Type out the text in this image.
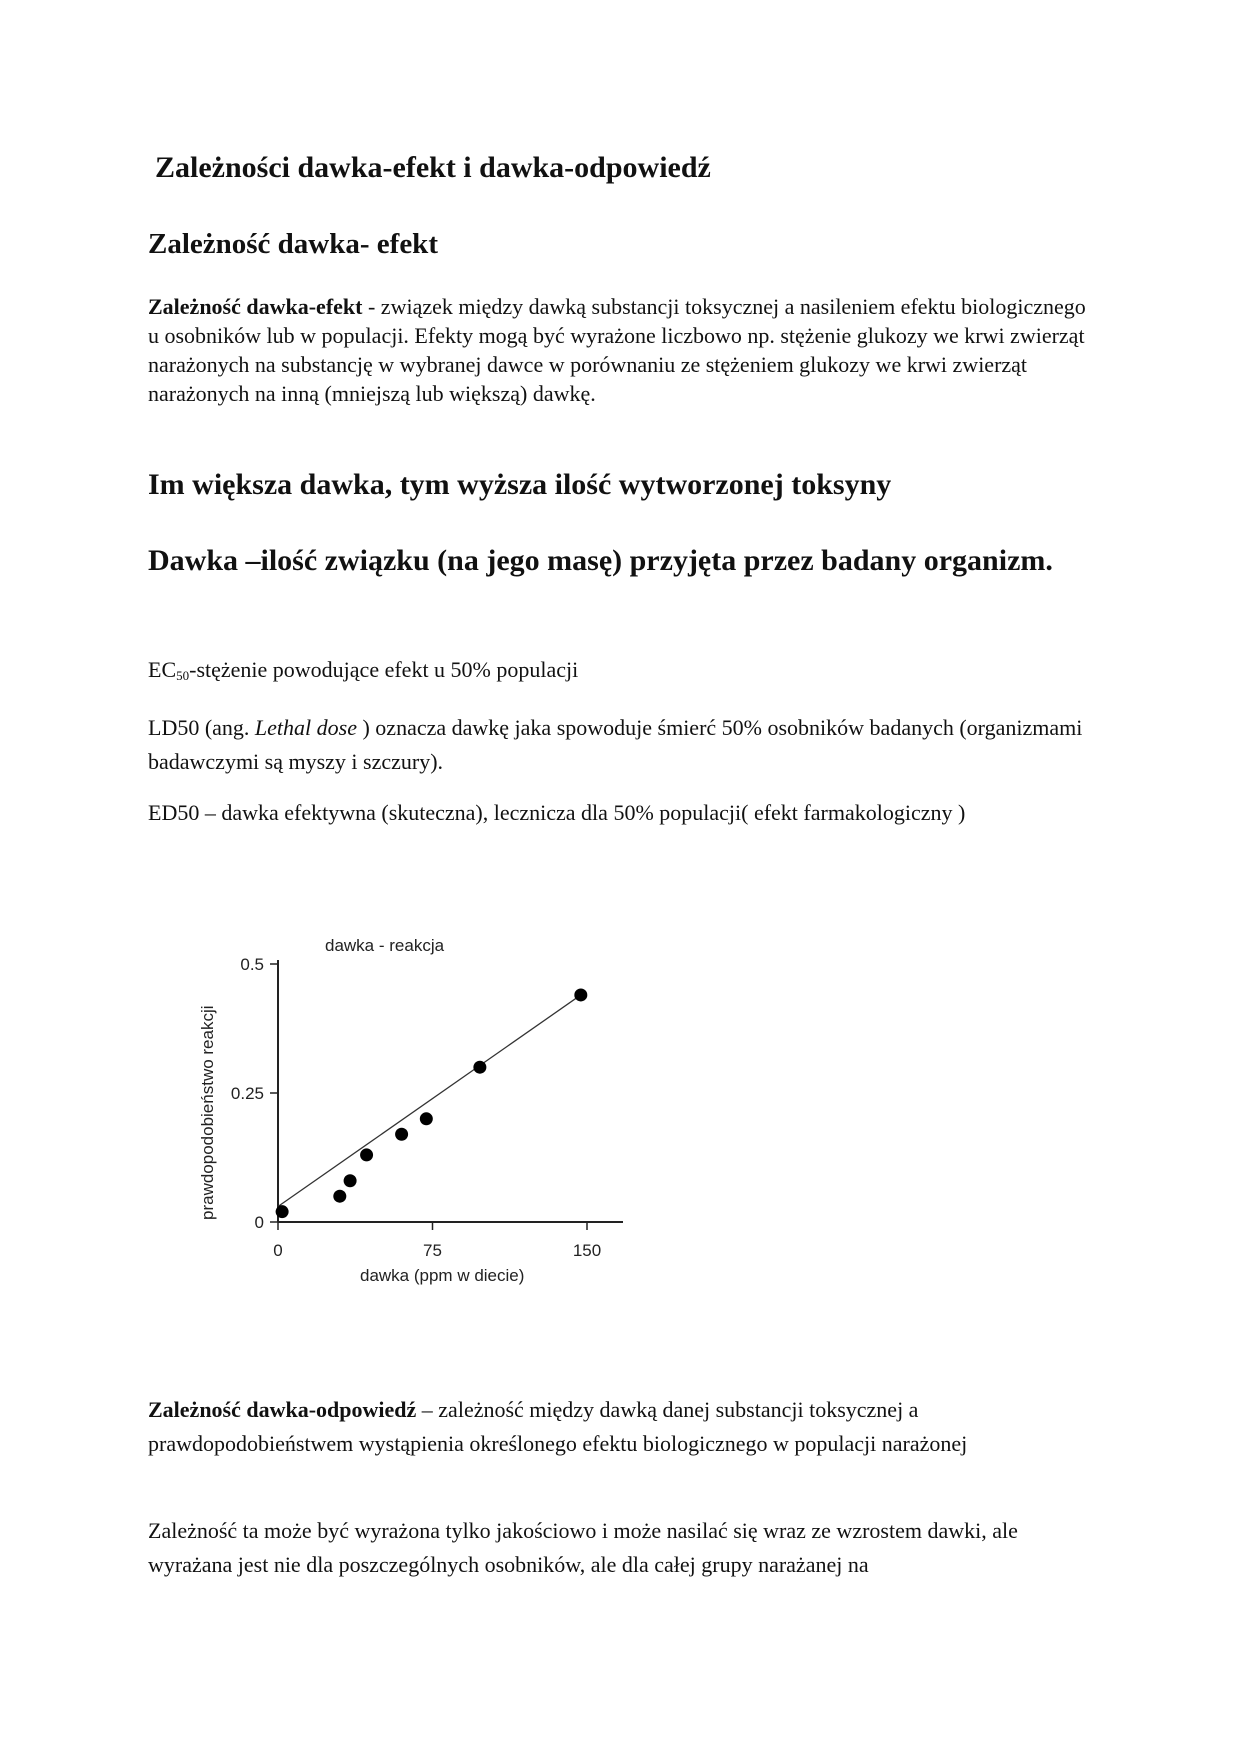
Zależności dawka-efekt i dawka-odpowiedź
Zależność dawka- efekt
Zależność dawka-efekt - związek między dawką substancji toksycznej a nasileniem efektu biologicznego u osobników lub w populacji. Efekty mogą być wyrażone liczbowo np. stężenie glukozy we krwi zwierząt narażonych na substancję w wybranej dawce w porównaniu ze stężeniem glukozy we krwi zwierząt narażonych na inną (mniejszą lub większą) dawkę.
Im większa dawka, tym wyższa ilość wytworzonej toksyny
Dawka –ilość związku (na jego masę) przyjęta przez badany organizm.
$EC_{50}$-stężenie powodujące efekt u 50% populacji
LD50 (ang. Lethal dose ) oznacza dawkę jaka spowoduje śmierć 50% osobników badanych (organizmami badawczymi są myszy i szczury).
ED50 – dawka efektywna (skuteczna), lecznicza dla 50% populacji( efekt farmakologiczny )
dawka - reakcja
0
0.25
0.5
0	75	150
dawka (ppm w diecie)
prawdopodobieństwo reakcji
Zależność dawka-odpowiedź – zależność między dawką danej substancji toksycznej a prawdopodobieństwem wystąpienia określonego efektu biologicznego w populacji narażonej
Zależność ta może być wyrażona tylko jakościowo i może nasilać się wraz ze wzrostem dawki, ale wyrażana jest nie dla poszczególnych osobników, ale dla całej grupy narażanej na
